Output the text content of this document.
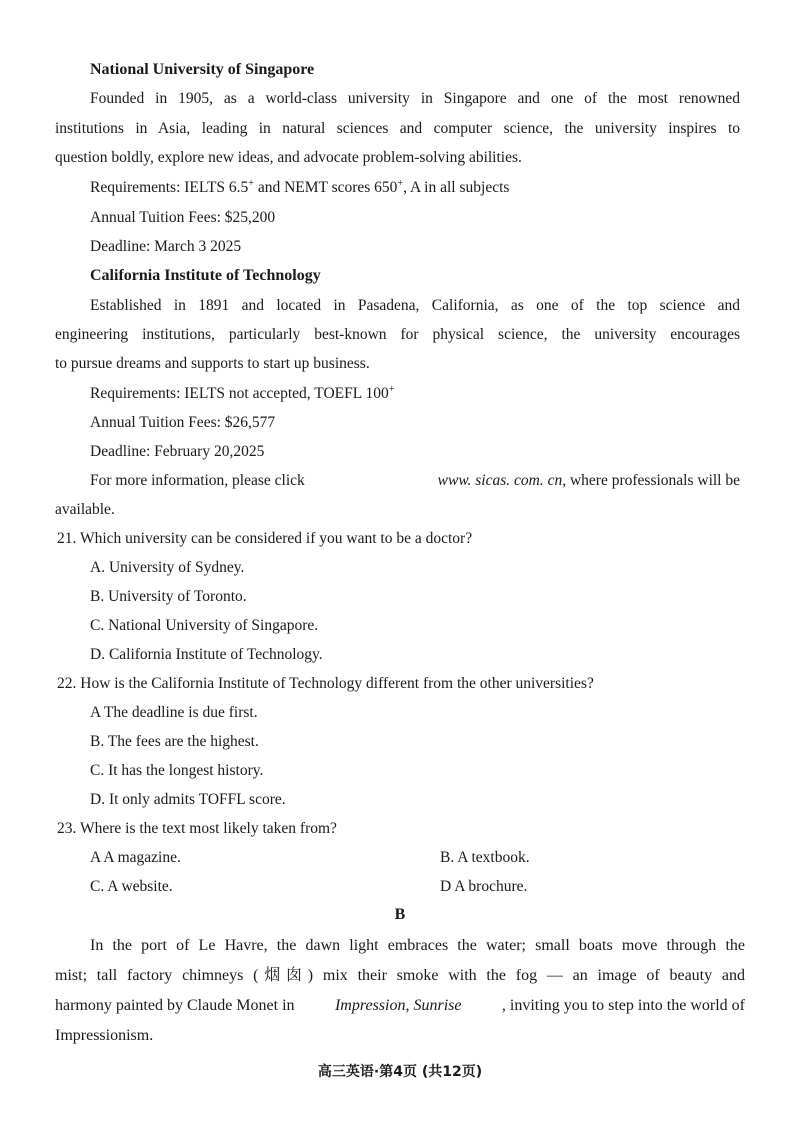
National University of Singapore
Founded in 1905, as a world-class university in Singapore and one of the most renowned
institutions in Asia, leading in natural sciences and computer science, the university inspires to
question boldly, explore new ideas, and advocate problem-solving abilities.
Requirements: IELTS 6.5+ and NEMT scores 650+, A in all subjects
Annual Tuition Fees: $25,200
Deadline: March 3 2025
California Institute of Technology
Established in 1891 and located in Pasadena, California, as one of the top science and
engineering institutions, particularly best-known for physical science, the university encourages
to pursue dreams and supports to start up business.
Requirements: IELTS not accepted, TOEFL 100+
Annual Tuition Fees: $26,577
Deadline: February 20,2025
For more information, please click	www. sicas. com. cn, where professionals will be
available.
21. Which university can be considered if you want to be a doctor?
A. University of Sydney.
B. University of Toronto.
C. National University of Singapore.
D. California Institute of Technology.
22. How is the California Institute of Technology different from the other universities?
A The deadline is due first.
B. The fees are the highest.
C. It has the longest history.
D. It only admits TOFFL score.
23. Where is the text most likely taken from?
A A magazine.	B. A textbook.
C. A website.	D A brochure.
B
In the port of Le Havre, the dawn light embraces the water; small boats move through the
mist; tall factory chimneys (烟囱) mix their smoke with the fog — an image of beauty and
harmony painted by Claude Monet in	Impression, Sunrise	, inviting you to step into the world of
Impressionism.
高三英语·第4页 (共12页)
